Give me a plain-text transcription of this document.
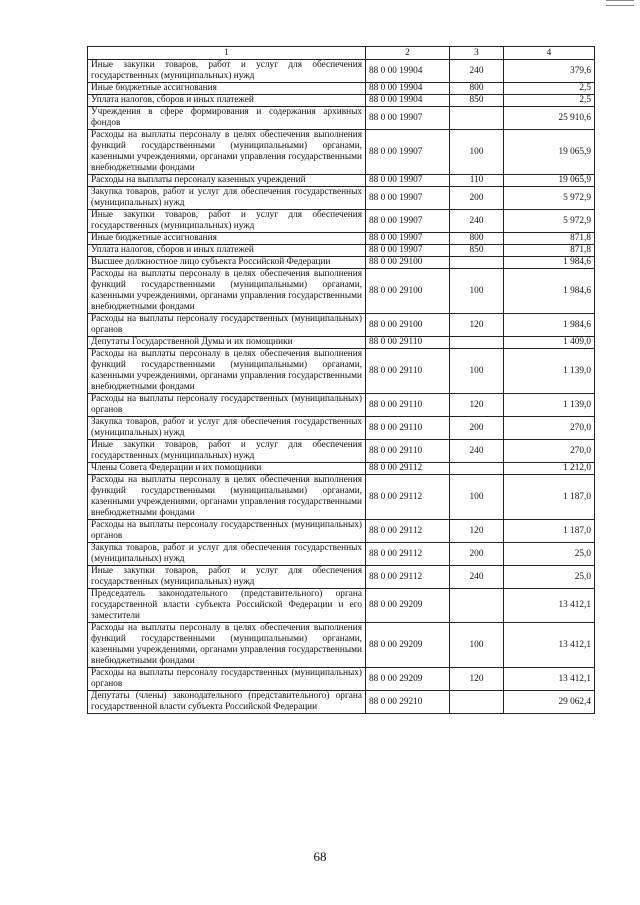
1	2	3	4
Иные закупки товаров, работ и услуг для обеспечения государственных (муниципальных) нужд	88 0 00 19904	240	379,6
Иные бюджетные ассигнования	88 0 00 19904	800	2,5
Уплата налогов, сборов и иных платежей	88 0 00 19904	850	2,5
Учреждения в сфере формирования и содержания архивных фондов	88 0 00 19907		25 910,6
Расходы на выплаты персоналу в целях обеспечения выполнения функций государственными (муниципальными) органами, казенными учреждениями, органами управления государственными внебюджетными фондами	88 0 00 19907	100	19 065,9
Расходы на выплаты персоналу казенных учреждений	88 0 00 19907	110	19 065,9
Закупка товаров, работ и услуг для обеспечения государственных (муниципальных) нужд	88 0 00 19907	200	5 972,9
Иные закупки товаров, работ и услуг для обеспечения государственных (муниципальных) нужд	88 0 00 19907	240	5 972,9
Иные бюджетные ассигнования	88 0 00 19907	800	871,8
Уплата налогов, сборов и иных платежей	88 0 00 19907	850	871,8
Высшее должностное лицо субъекта Российской Федерации	88 0 00 29100		1 984,6
Расходы на выплаты персоналу в целях обеспечения выполнения функций государственными (муниципальными) органами, казенными учреждениями, органами управления государственными внебюджетными фондами	88 0 00 29100	100	1 984,6
Расходы на выплаты персоналу государственных (муниципальных) органов	88 0 00 29100	120	1 984,6
Депутаты Государственной Думы и их помощники	88 0 00 29110		1 409,0
Расходы на выплаты персоналу в целях обеспечения выполнения функций государственными (муниципальными) органами, казенными учреждениями, органами управления государственными внебюджетными фондами	88 0 00 29110	100	1 139,0
Расходы на выплаты персоналу государственных (муниципальных) органов	88 0 00 29110	120	1 139,0
Закупка товаров, работ и услуг для обеспечения государственных (муниципальных) нужд	88 0 00 29110	200	270,0
Иные закупки товаров, работ и услуг для обеспечения государственных (муниципальных) нужд	88 0 00 29110	240	270,0
Члены Совета Федерации и их помощники	88 0 00 29112		1 212,0
Расходы на выплаты персоналу в целях обеспечения выполнения функций государственными (муниципальными) органами, казенными учреждениями, органами управления государственными внебюджетными фондами	88 0 00 29112	100	1 187,0
Расходы на выплаты персоналу государственных (муниципальных) органов	88 0 00 29112	120	1 187,0
Закупка товаров, работ и услуг для обеспечения государственных (муниципальных) нужд	88 0 00 29112	200	25,0
Иные закупки товаров, работ и услуг для обеспечения государственных (муниципальных) нужд	88 0 00 29112	240	25,0
Председатель законодательного (представительного) органа государственной власти субъекта Российской Федерации и его заместители	88 0 00 29209		13 412,1
Расходы на выплаты персоналу в целях обеспечения выполнения функций государственными (муниципальными) органами, казенными учреждениями, органами управления государственными внебюджетными фондами	88 0 00 29209	100	13 412,1
Расходы на выплаты персоналу государственных (муниципальных) органов	88 0 00 29209	120	13 412,1
Депутаты (члены) законодательного (представительного) органа государственной власти субъекта Российской Федерации	88 0 00 29210		29 062,4
68
